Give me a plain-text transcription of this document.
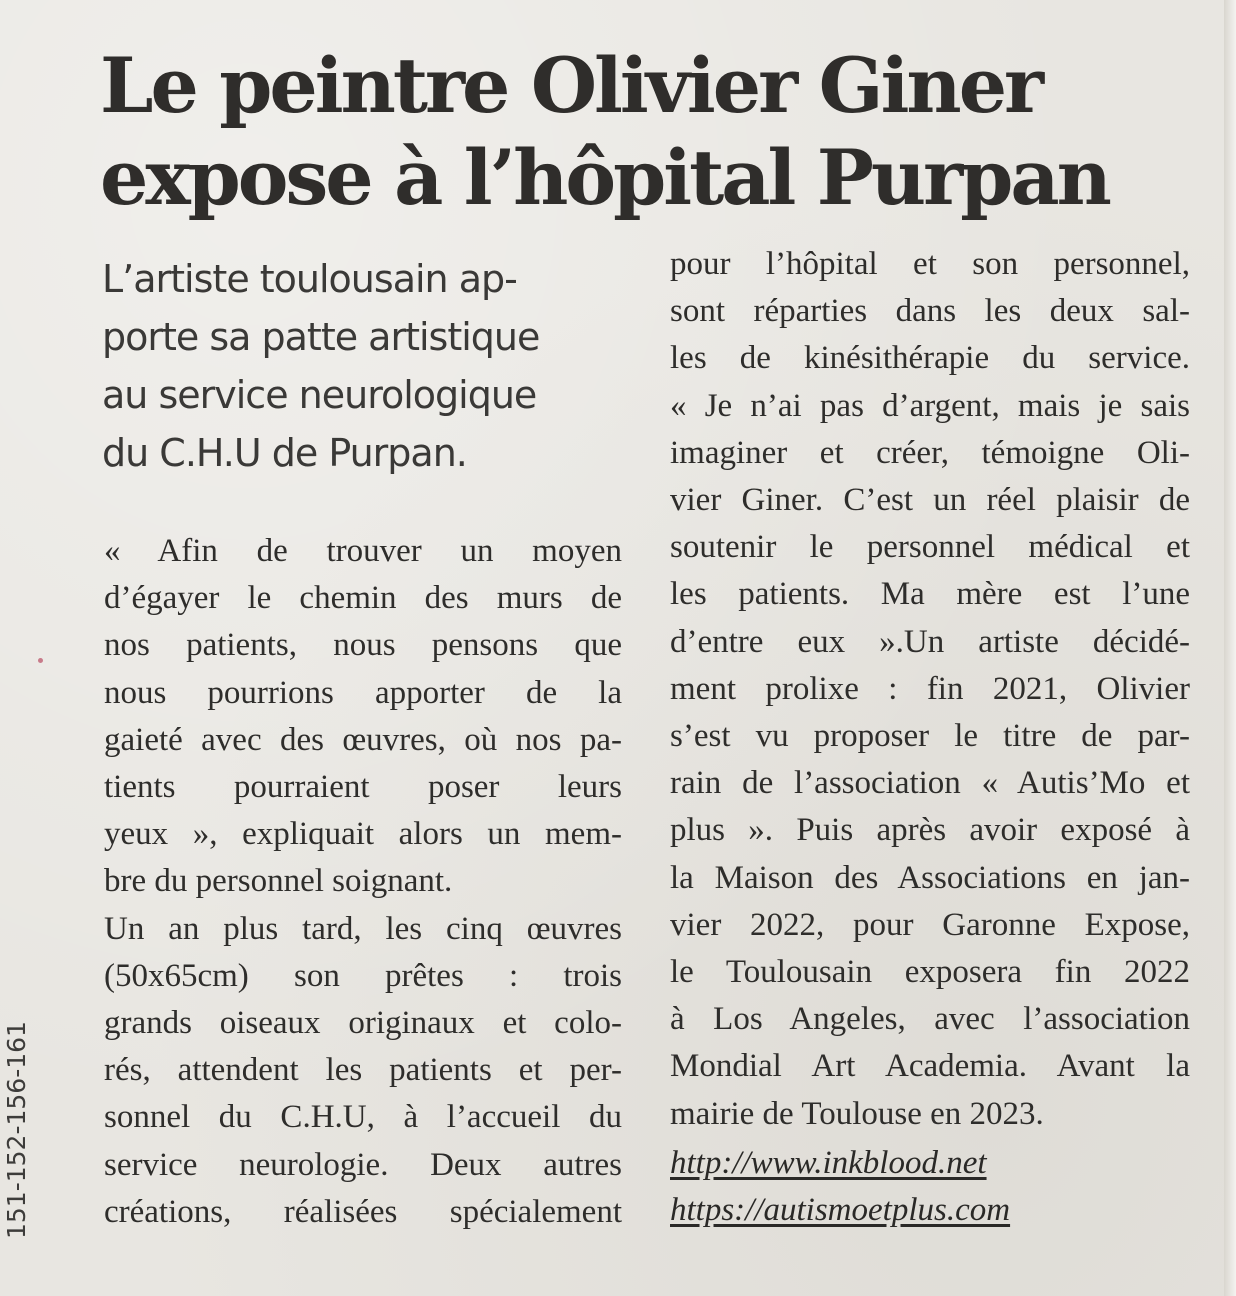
Le peintre Olivier Giner
expose à l’hôpital Purpan
L’artiste toulousain ap-
porte sa patte artistique
au service neurologique
du C.H.U de Purpan.
« Afin de trouver un moyen
d’égayer le chemin des murs de
nos patients, nous pensons que
nous pourrions apporter de la
gaieté avec des œuvres, où nos pa-
tients pourraient poser leurs
yeux », expliquait alors un mem-
bre du personnel soignant.
Un an plus tard, les cinq œuvres
(50x65cm) son prêtes : trois
grands oiseaux originaux et colo-
rés, attendent les patients et per-
sonnel du C.H.U, à l’accueil du
service neurologie. Deux autres
créations, réalisées spécialement
pour l’hôpital et son personnel,
sont réparties dans les deux sal-
les de kinésithérapie du service.
« Je n’ai pas d’argent, mais je sais
imaginer et créer, témoigne Oli-
vier Giner. C’est un réel plaisir de
soutenir le personnel médical et
les patients. Ma mère est l’une
d’entre eux ».Un artiste décidé-
ment prolixe : fin 2021, Olivier
s’est vu proposer le titre de par-
rain de l’association « Autis’Mo et
plus ». Puis après avoir exposé à
la Maison des Associations en jan-
vier 2022, pour Garonne Expose,
le Toulousain exposera fin 2022
à Los Angeles, avec l’association
Mondial Art Academia. Avant la
mairie de Toulouse en 2023.
http://www.inkblood.net
https://autismoetplus.com
151-152-156-161
